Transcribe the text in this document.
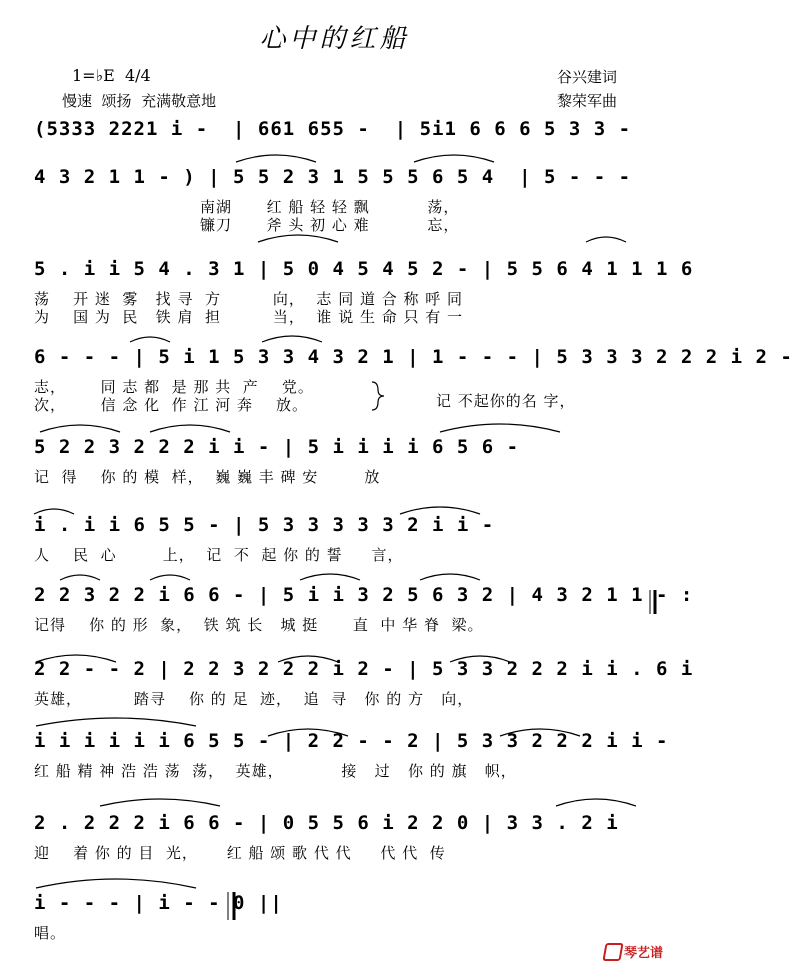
心中的红船
1=♭E  4/4
慢速  颂扬  充满敬意地
谷兴建词
黎荣军曲
(5333 2221 i -  | 661 655 -  | 5i1 6 6 6 5 3 3 -
4 3 2 1 1 - ) | 5 5 2 3 1 5 5 5 6 5 4  | 5 - - -
南湖      红 船 轻 轻 飘          荡，
镰刀      斧 头 初 心 难          忘，
5 . i i 5 4 . 3 1 | 5 0 4 5 4 5 2 - | 5 5 6 4 1 1 1 6
荡    开 迷  雾   找 寻  方         向，  志 同 道 合 称 呼 同
为    国 为  民   铁 肩  担         当，  谁 说 生 命 只 有 一
6 - - - | 5 i 1 5 3 3 4 3 2 1 | 1 - - - | 5 3 3 3 2 2 2 i 2 -
志，      同 志 都  是 那 共  产    党。
次，      信 念 化  作 江 河 奔    放。
5 2 2 3 2 2 2 i i - | 5 i i i i 6 5 6 -
记  得    你 的 模  样，  巍 巍 丰 碑 安        放
i . i i 6 5 5 - | 5 3 3 3 3 3 2 i i -
人    民  心        上，  记  不  起 你 的 誓     言，
2 2 3 2 2 i 6 6 - | 5 i i 3 2 5 6 3 2 | 4 3 2 1 1 - :
记得    你 的 形  象，  铁 筑 长   城 挺      直  中 华 脊  梁。
2 2 - - 2 | 2 2 3 2 2 2 i 2 - | 5 3 3 2 2 2 i i . 6 i
英雄，         踏寻    你 的 足  迹，  追  寻   你 的 方   向，
i i i i i i 6 5 5 - | 2 2 - - 2 | 5 3 3 2 2 2 i i -
红 船 精 神 浩 浩 荡  荡，  英雄，          接   过   你 的 旗   帜，
2 . 2 2 2 i 6 6 - | 0 5 5 6 i 2 2 0 | 3 3 . 2 i
迎    着 你 的 目  光，     红 船 颂 歌 代 代     代 代  传
i - - - | i - - 0 ||
唱。
记 不起你的名 字，
琴艺谱
